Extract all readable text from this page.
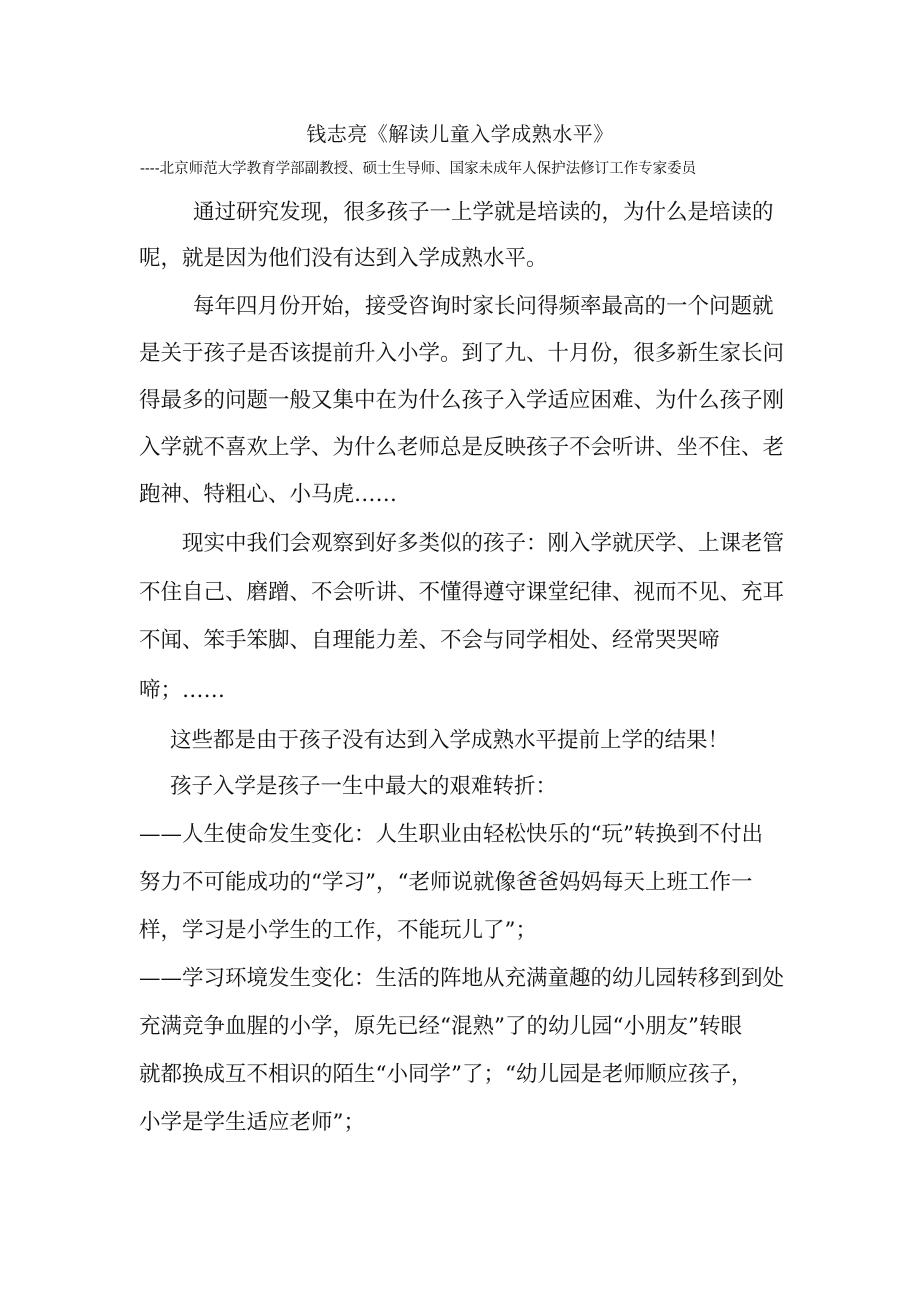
钱志亮《解读儿童入学成熟水平》
----北京师范大学教育学部副教授、硕士生导师、国家未成年人保护法修订工作专家委员
通过研究发现，很多孩子一上学就是培读的，为什么是培读的
呢，就是因为他们没有达到入学成熟水平。
每年四月份开始，接受咨询时家长问得频率最高的一个问题就
是关于孩子是否该提前升入小学。到了九、十月份，很多新生家长问
得最多的问题一般又集中在为什么孩子入学适应困难、为什么孩子刚
入学就不喜欢上学、为什么老师总是反映孩子不会听讲、坐不住、老
跑神、特粗心、小马虎……
现实中我们会观察到好多类似的孩子：刚入学就厌学、上课老管
不住自己、磨蹭、不会听讲、不懂得遵守课堂纪律、视而不见、充耳
不闻、笨手笨脚、自理能力差、不会与同学相处、经常哭哭啼
啼；……
这些都是由于孩子没有达到入学成熟水平提前上学的结果！
孩子入学是孩子一生中最大的艰难转折：
——人生使命发生变化：人生职业由轻松快乐的“玩”转换到不付出
努力不可能成功的“学习”，“老师说就像爸爸妈妈每天上班工作一
样，学习是小学生的工作，不能玩儿了”；
——学习环境发生变化：生活的阵地从充满童趣的幼儿园转移到到处
充满竞争血腥的小学，原先已经“混熟”了的幼儿园“小朋友”转眼
就都换成互不相识的陌生“小同学”了；“幼儿园是老师顺应孩子，
小学是学生适应老师”；
